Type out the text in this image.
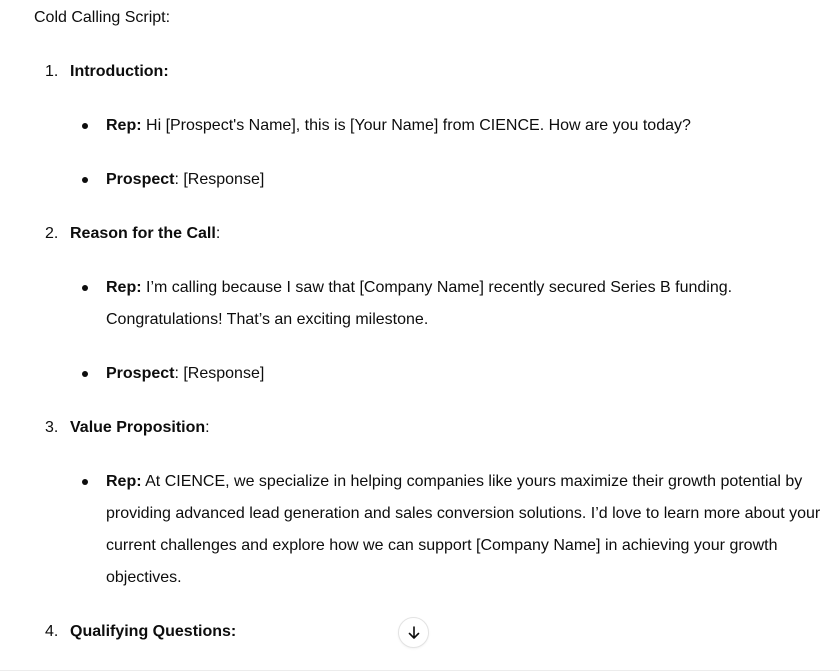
Cold Calling Script:
1. Introduction:
Rep: Hi [Prospect's Name], this is [Your Name] from CIENCE. How are you today?
Prospect: [Response]
2. Reason for the Call:
Rep: I’m calling because I saw that [Company Name] recently secured Series B funding. Congratulations! That’s an exciting milestone.
Prospect: [Response]
3. Value Proposition:
Rep: At CIENCE, we specialize in helping companies like yours maximize their growth potential by providing advanced lead generation and sales conversion solutions. I’d love to learn more about your current challenges and explore how we can support [Company Name] in achieving your growth objectives.
4. Qualifying Questions:
